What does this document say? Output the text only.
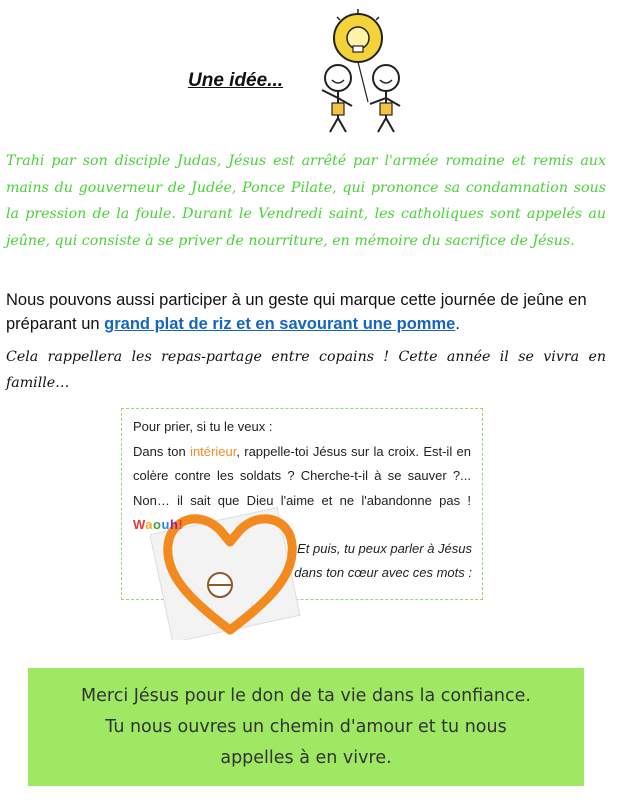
Une idée...
Trahi par son disciple Judas, Jésus est arrêté par l'armée romaine et remis aux mains du gouverneur de Judée, Ponce Pilate, qui prononce sa condamnation sous la pression de la foule. Durant le Vendredi saint, les catholiques sont appelés au jeûne, qui consiste à se priver de nourriture, en mémoire du sacrifice de Jésus.
Nous pouvons aussi participer à un geste qui marque cette journée de jeûne en préparant un grand plat de riz et en savourant une pomme.
Cela rappellera les repas-partage entre copains ! Cette année il se vivra en famille…
Pour prier, si tu le veux :
Dans ton intérieur, rappelle-toi Jésus sur la croix. Est-il en colère contre les soldats ? Cherche-t-il à se sauver ?... Non… il sait que Dieu l'aime et ne l'abandonne pas ! Waouh!
Et puis, tu peux parler à Jésus
dans ton cœur avec ces mots :
Merci Jésus pour le don de ta vie dans la confiance.
Tu nous ouvres un chemin d'amour et tu nous
appelles à en vivre.
